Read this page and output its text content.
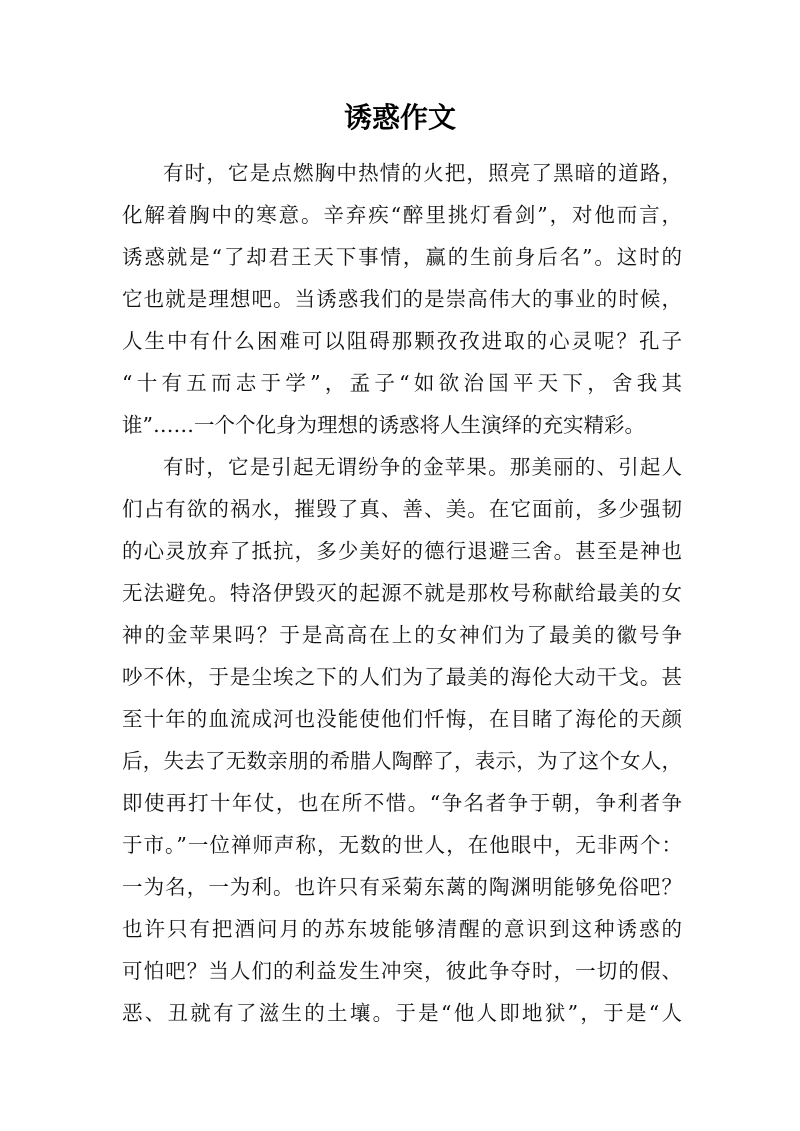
诱惑作文
有时，它是点燃胸中热情的火把，照亮了黑暗的道路，
化解着胸中的寒意。辛弃疾“醉里挑灯看剑”，对他而言，
诱惑就是“了却君王天下事情，赢的生前身后名”。这时的
它也就是理想吧。当诱惑我们的是崇高伟大的事业的时候，
人生中有什么困难可以阻碍那颗孜孜进取的心灵呢？孔子
“十有五而志于学”，孟子“如欲治国平天下，舍我其
谁”……一个个化身为理想的诱惑将人生演绎的充实精彩。
有时，它是引起无谓纷争的金苹果。那美丽的、引起人
们占有欲的祸水，摧毁了真、善、美。在它面前，多少强韧
的心灵放弃了抵抗，多少美好的德行退避三舍。甚至是神也
无法避免。特洛伊毁灭的起源不就是那枚号称献给最美的女
神的金苹果吗？于是高高在上的女神们为了最美的徽号争
吵不休，于是尘埃之下的人们为了最美的海伦大动干戈。甚
至十年的血流成河也没能使他们忏悔，在目睹了海伦的天颜
后，失去了无数亲朋的希腊人陶醉了，表示，为了这个女人，
即使再打十年仗，也在所不惜。“争名者争于朝，争利者争
于市。”一位禅师声称，无数的世人，在他眼中，无非两个：
一为名，一为利。也许只有采菊东蓠的陶渊明能够免俗吧？
也许只有把酒问月的苏东坡能够清醒的意识到这种诱惑的
可怕吧？当人们的利益发生冲突，彼此争夺时，一切的假、
恶、丑就有了滋生的土壤。于是“他人即地狱”，于是“人
